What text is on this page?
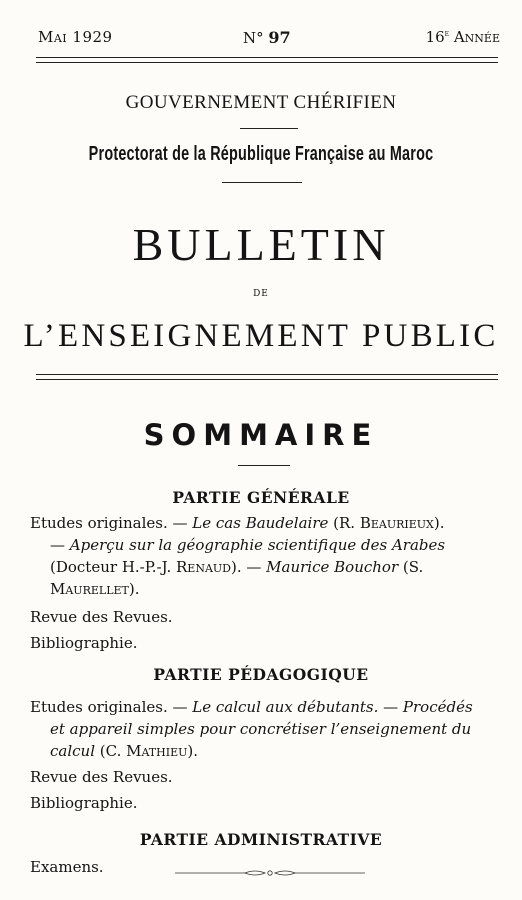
Mai 1929	N° 97	16e Année
GOUVERNEMENT CHÉRIFIEN
Protectorat de la République Française au Maroc
BULLETIN
DE
L’ENSEIGNEMENT PUBLIC
SOMMAIRE
PARTIE GÉNÉRALE
Etudes originales. — Le cas Baudelaire (R. Beaurieux).
— Aperçu sur la géographie scientifique des Arabes
(Docteur H.-P.-J. Renaud). — Maurice Bouchor (S.
Maurellet).
Revue des Revues.
Bibliographie.
PARTIE PÉDAGOGIQUE
Etudes originales. — Le calcul aux débutants. — Procédés
et appareil simples pour concrétiser l’enseignement du
calcul (C. Mathieu).
Revue des Revues.
Bibliographie.
PARTIE ADMINISTRATIVE
Examens.
